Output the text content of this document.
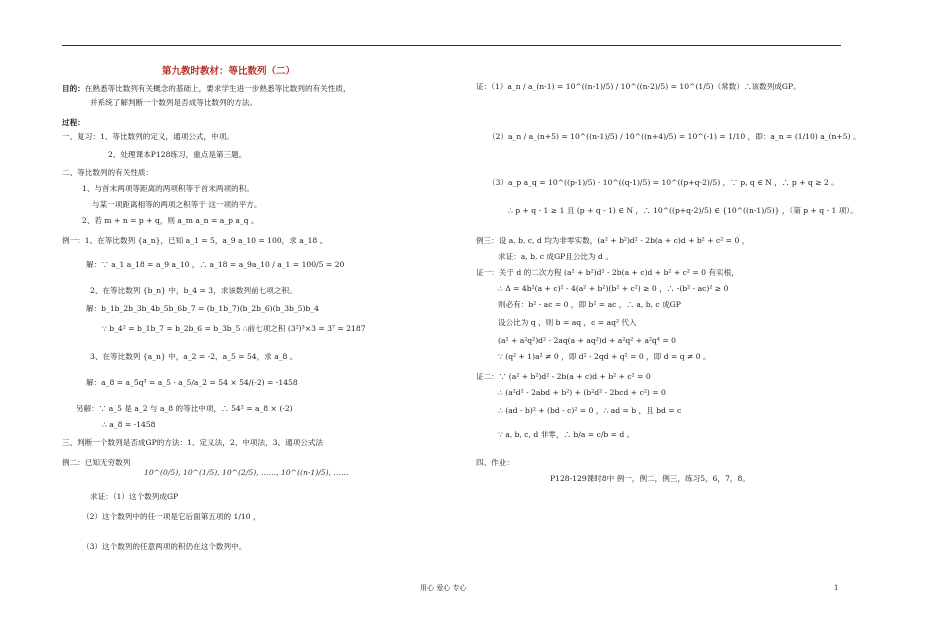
第九教时教材：等比数列（二）
目的：在熟悉等比数列有关概念的基础上，要求学生进一步熟悉等比数列的有关性质，
并系统了解判断一个数列是否成等比数列的方法。
过程：
一、复习：1、等比数列的定义，通项公式，中项。
2、处理课本P128练习，重点是第三题。
二、等比数列的有关性质：
1、与首末两项等距离的两项积等于首末两项的积。
与某一项距离相等的两项之积等于 这一项的平方。
2、若 m + n = p + q，则 a_m a_n = a_p a_q 。
例一：1、在等比数列 {a_n}，已知 a_1 = 5，a_9 a_10 = 100，求 a_18 。
解：∵ a_1 a_18 = a_9 a_10 ，∴ a_18 = a_9a_10 / a_1 = 100/5 = 20
2、在等比数列 {b_n} 中，b_4 = 3，求该数列前七项之积。
解：b_1b_2b_3b_4b_5b_6b_7 = (b_1b_7)(b_2b_6)(b_3b_5)b_4
∵ b_4² = b_1b_7 = b_2b_6 = b_3b_5 ∴前七项之积 (3²)³×3 = 3⁷ = 2187
3、在等比数列 {a_n} 中，a_2 = -2，a_5 = 54，求 a_8 。
解：a_8 = a_5q³ = a_5 · a_5/a_2 = 54 × 54/(-2) = -1458
另解：∵ a_5 是 a_2 与 a_8 的等比中项，∴ 54² = a_8 × (-2)
∴ a_8 = -1458
三、判断一个数列是否成GP的方法：1、定义法，2、中项法，3、通项公式法
例二：已知无穷数列
10^(0/5), 10^(1/5), 10^(2/5), ……, 10^((n-1)/5), ……
求证：（1）这个数列成GP
（2）这个数列中的任一项是它后面第五项的 1/10 ，
（3）这个数列的任意两项的积仍在这个数列中。
证：（1）a_n / a_(n-1) = 10^((n-1)/5) / 10^((n-2)/5) = 10^(1/5)（常数）∴该数列成GP。
（2）a_n / a_(n+5) = 10^((n-1)/5) / 10^((n+4)/5) = 10^(-1) = 1/10 ，即：a_n = (1/10) a_(n+5) 。
（3）a_p a_q = 10^((p-1)/5) · 10^((q-1)/5) = 10^((p+q-2)/5) ，∵ p, q ∈ N ，∴ p + q ≥ 2 。
∴ p + q - 1 ≥ 1 且 (p + q - 1) ∈ N ，∴ 10^((p+q-2)/5) ∈ {10^((n-1)/5)} ，（第 p + q - 1 项）。
例三：设 a, b, c, d 均为非零实数，(a² + b²)d² - 2b(a + c)d + b² + c² = 0 ，
求证：a, b, c 成GP且公比为 d 。
证一：关于 d 的二次方程 (a² + b²)d² - 2b(a + c)d + b² + c² = 0 有实根，
∴ Δ = 4b²(a + c)² - 4(a² + b²)(b² + c²) ≥ 0 ，∴ -(b² - ac)² ≥ 0
则必有：b² - ac = 0 ，即 b² = ac ，∴ a, b, c 成GP
设公比为 q ，则 b = aq ，c = aq² 代入
(a² + a²q²)d² - 2aq(a + aq²)d + a²q² + a²q⁴ = 0
∵ (q² + 1)a² ≠ 0 ，即 d² - 2qd + q² = 0 ，即 d = q ≠ 0 。
证二：∵ (a² + b²)d² - 2b(a + c)d + b² + c² = 0
∴ (a²d² - 2abd + b²) + (b²d² - 2bcd + c²) = 0
∴ (ad - b)² + (bd - c)² = 0 ，∴ ad = b ，且 bd = c
∵ a, b, c, d 非零，∴ b/a = c/b = d 。
四、作业：
P128-129课时8中 例一，例二，例三，练习5，6，7，8。
用心 爱心 专心	1
